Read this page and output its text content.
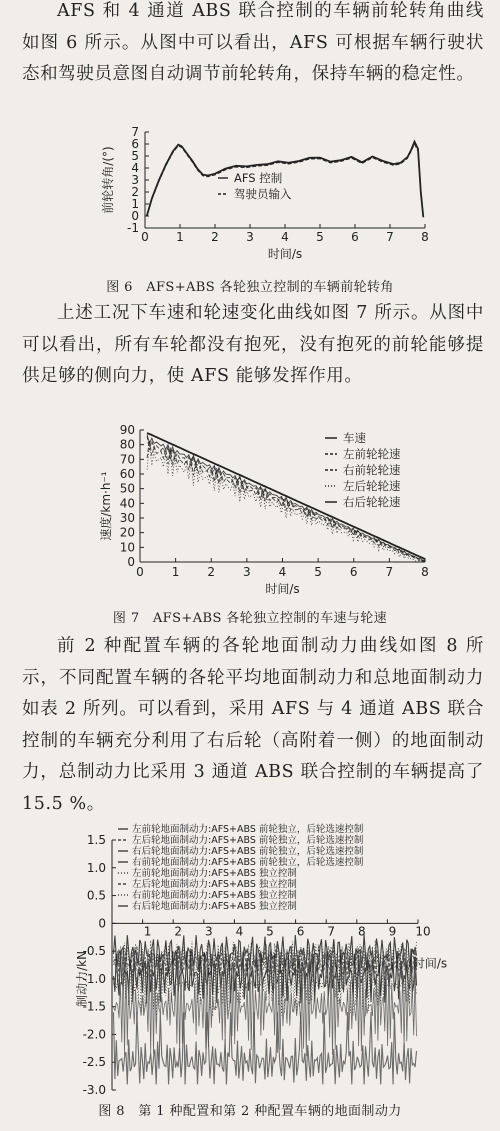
AFS 和 4 通道 ABS 联合控制的车辆前轮转角曲线如图 6 所示。从图中可以看出，AFS 可根据车辆行驶状态和驾驶员意图自动调节前轮转角，保持车辆的稳定性。
0 1 2 3 4 5 6 7 8
-1
0
1
2
3
4
5
6
7
时间/s
前轮转角/(°)	AFS 控制
驾驶员输入
图 6　AFS+ABS 各轮独立控制的车辆前轮转角
上述工况下车速和轮速变化曲线如图 7 所示。从图中可以看出，所有车轮都没有抱死，没有抱死的前轮能够提供足够的侧向力，使 AFS 能够发挥作用。
0 1 2 3 4 5 6 7 8
0
10
20
30
40
50
60
70
80
90
时间/s
速度/km·h⁻¹
车速
左前轮轮速
右前轮轮速
左后轮轮速
右后轮轮速
图 7　AFS+ABS 各轮独立控制的车速与轮速
前 2 种配置车辆的各轮地面制动力曲线如图 8 所示，不同配置车辆的各轮平均地面制动力和总地面制动力如表 2 所列。可以看到，采用 AFS 与 4 通道 ABS 联合控制的车辆充分利用了右后轮（高附着一侧）的地面制动力，总制动力比采用 3 通道 ABS 联合控制的车辆提高了 15.5 %。
1 2 3 4 5 6 7 8 9 10
1.5
1.0
0.5
0
-0.5
-1.0
-1.5
-2.0
-2.5
-3.0
时间/s
制动力/kN
左前轮地面制动力:AFS+ABS 前轮独立，后轮选速控制
左后轮地面制动力:AFS+ABS 前轮独立，后轮选速控制
右后轮地面制动力:AFS+ABS 前轮独立，后轮选速控制
右前轮地面制动力:AFS+ABS 前轮独立，后轮选速控制
左前轮地面制动力:AFS+ABS 独立控制
左后轮地面制动力:AFS+ABS 独立控制
右前轮地面制动力:AFS+ABS 独立控制
右后轮地面制动力:AFS+ABS 独立控制
图 8　第 1 种配置和第 2 种配置车辆的地面制动力
